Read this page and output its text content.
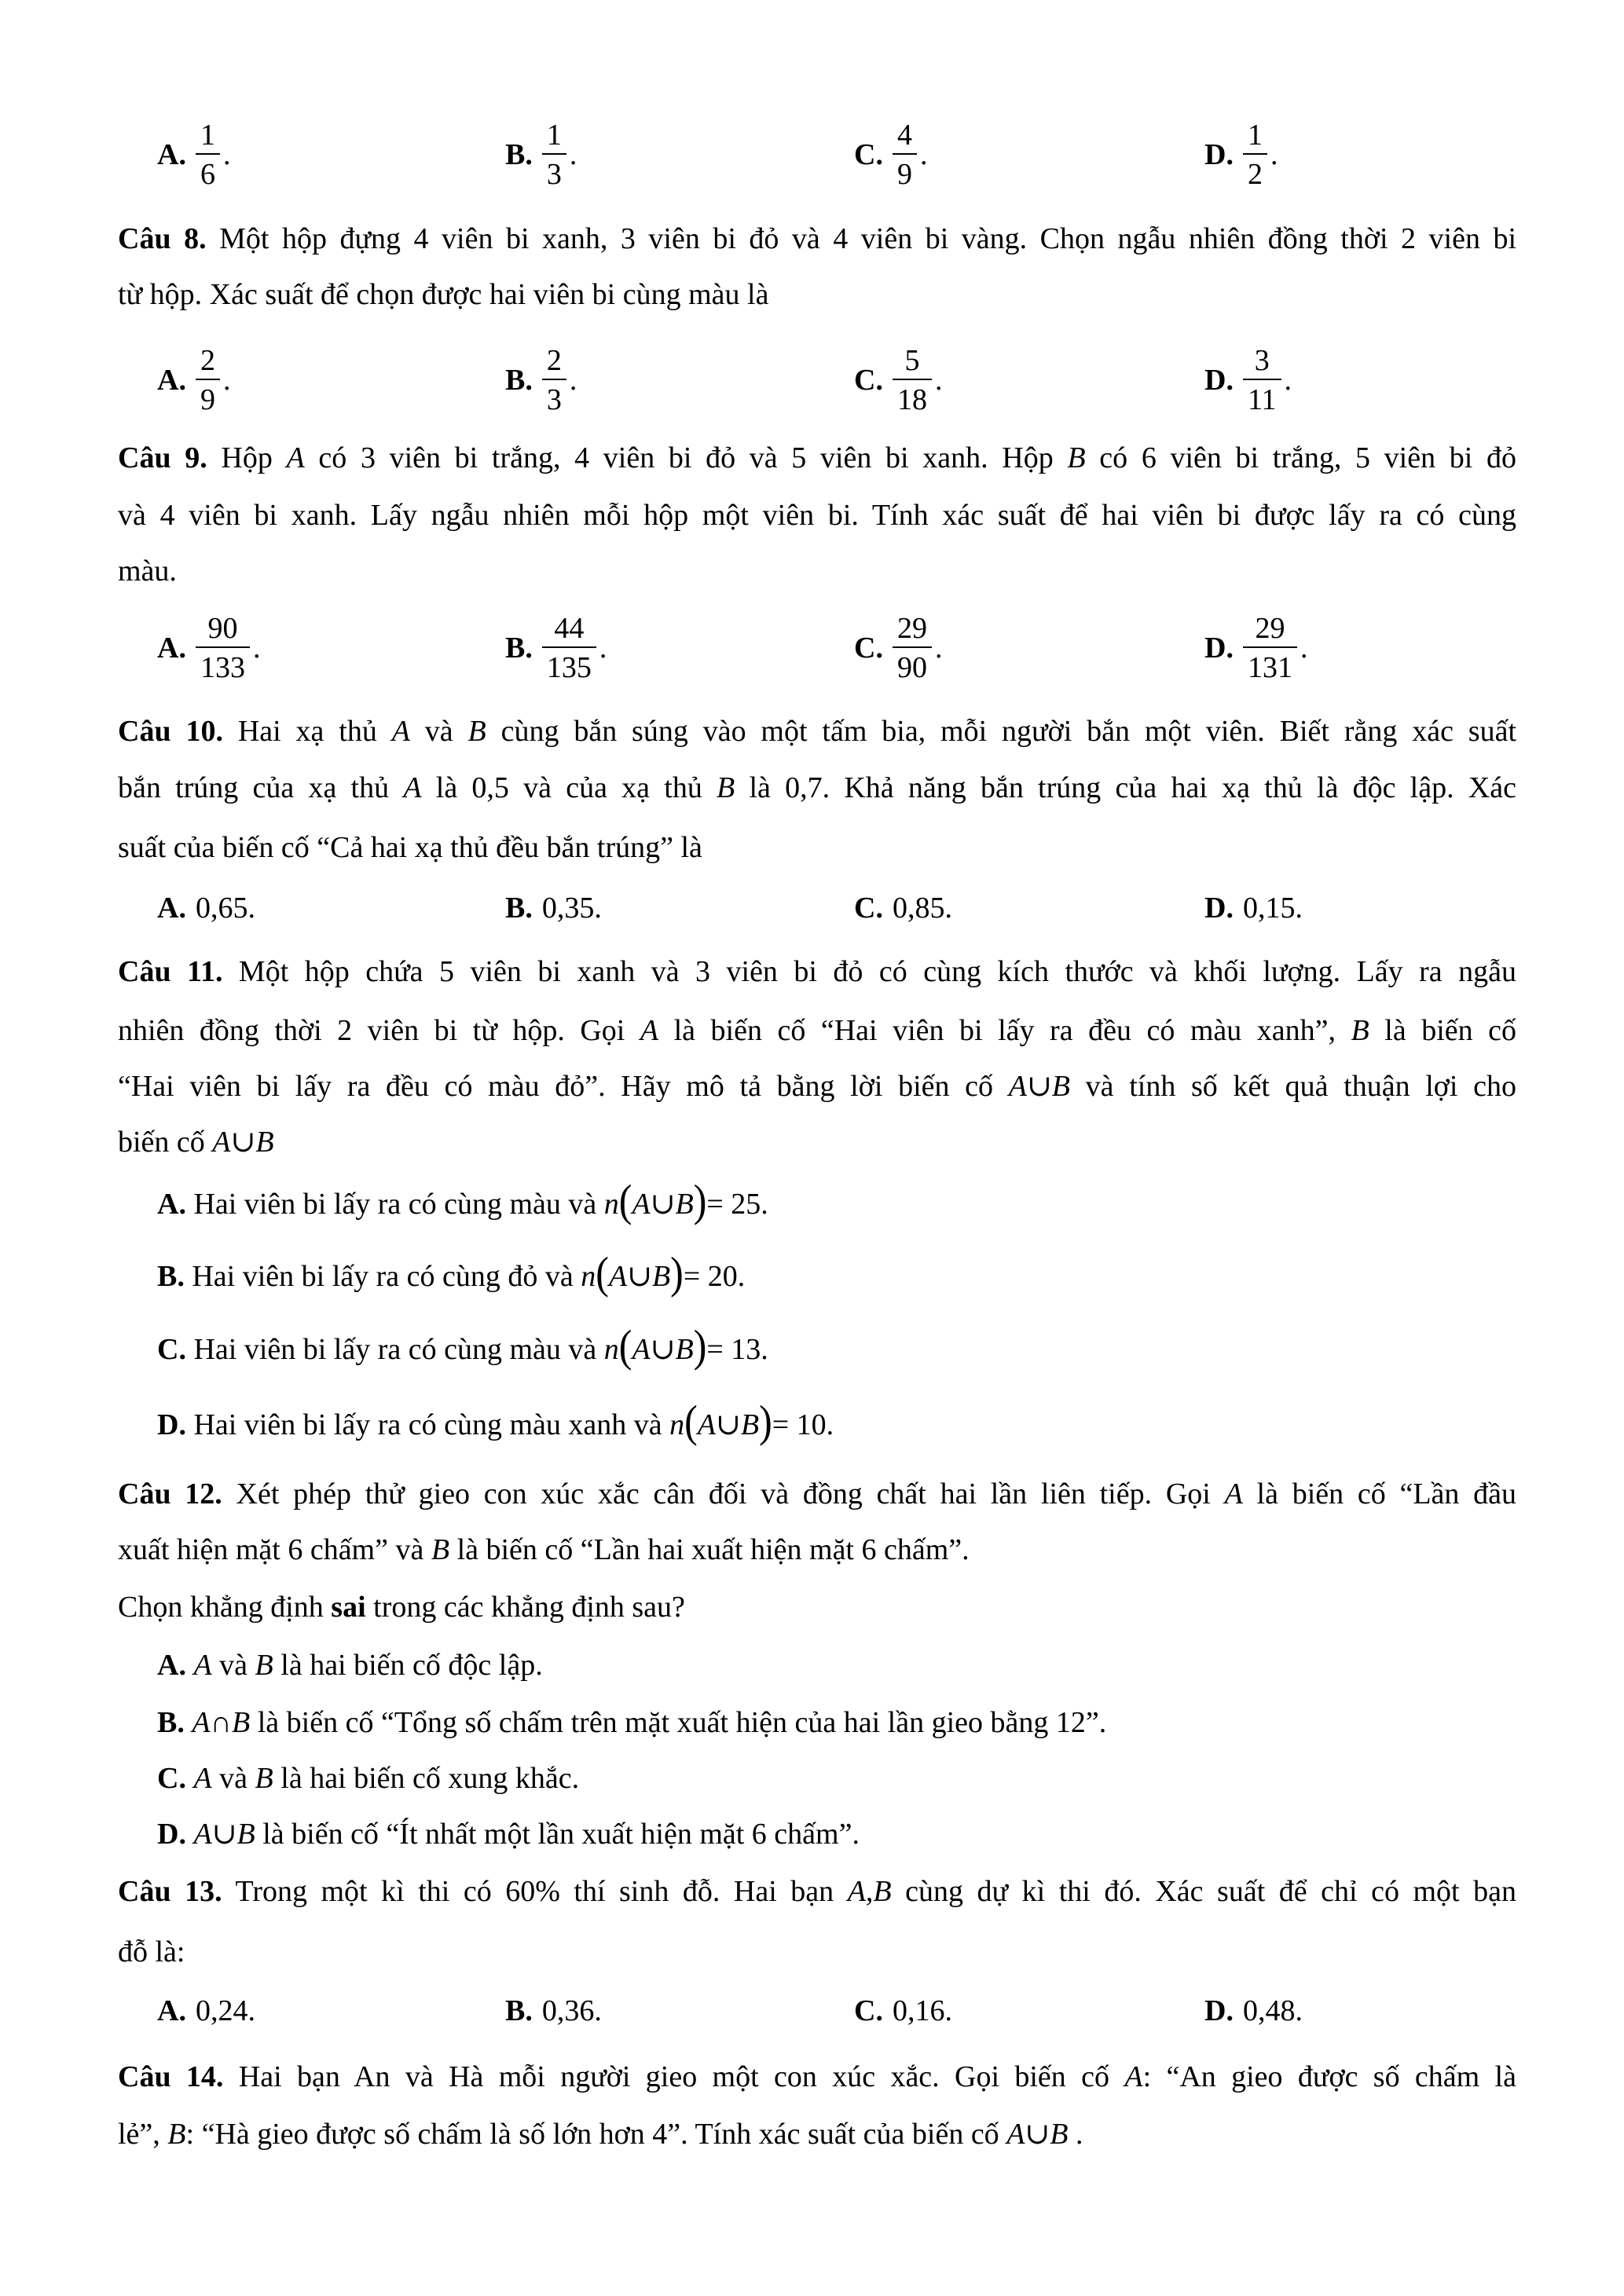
A. $\frac{1}{6}$ .	B. $\frac{1}{3}$ .	C. $\frac{4}{9}$ .	D. $\frac{1}{2}$ .
Câu 8. Một hộp đựng 4 viên bi xanh, 3 viên bi đỏ và 4 viên bi vàng. Chọn ngẫu nhiên đồng thời 2 viên bi
từ hộp. Xác suất để chọn được hai viên bi cùng màu là
A. $\frac{2}{9}$ .	B. $\frac{2}{3}$ .	C. $\frac{5}{18}$ .	D. $\frac{3}{11}$ .
Câu 9. Hộp A có 3 viên bi trắng, 4 viên bi đỏ và 5 viên bi xanh. Hộp B có 6 viên bi trắng, 5 viên bi đỏ
và 4 viên bi xanh. Lấy ngẫu nhiên mỗi hộp một viên bi. Tính xác suất để hai viên bi được lấy ra có cùng
màu.
A. $\frac{90}{133}$ .	B. $\frac{44}{135}$ .	C. $\frac{29}{90}$ .	D. $\frac{29}{131}$ .
Câu 10. Hai xạ thủ A và B cùng bắn súng vào một tấm bia, mỗi người bắn một viên. Biết rằng xác suất
bắn trúng của xạ thủ A là 0,5 và của xạ thủ B là 0,7. Khả năng bắn trúng của hai xạ thủ là độc lập. Xác
suất của biến cố “Cả hai xạ thủ đều bắn trúng” là
A. 0,65.	B. 0,35.	C. 0,85.	D. 0,15.
Câu 11. Một hộp chứa 5 viên bi xanh và 3 viên bi đỏ có cùng kích thước và khối lượng. Lấy ra ngẫu
nhiên đồng thời 2 viên bi từ hộp. Gọi A là biến cố “Hai viên bi lấy ra đều có màu xanh”, B là biến cố
“Hai viên bi lấy ra đều có màu đỏ”. Hãy mô tả bằng lời biến cố A∪B và tính số kết quả thuận lợi cho
biến cố A∪B
A. Hai viên bi lấy ra có cùng màu và n(A∪B)= 25.
B. Hai viên bi lấy ra có cùng đỏ và n(A∪B)= 20.
C. Hai viên bi lấy ra có cùng màu và n(A∪B)= 13.
D. Hai viên bi lấy ra có cùng màu xanh và n(A∪B)= 10.
Câu 12. Xét phép thử gieo con xúc xắc cân đối và đồng chất hai lần liên tiếp. Gọi A là biến cố “Lần đầu
xuất hiện mặt 6 chấm” và B là biến cố “Lần hai xuất hiện mặt 6 chấm”.
Chọn khẳng định sai trong các khẳng định sau?
A. A và B là hai biến cố độc lập.
B. A∩B là biến cố “Tổng số chấm trên mặt xuất hiện của hai lần gieo bằng 12”.
C. A và B là hai biến cố xung khắc.
D. A∪B là biến cố “Ít nhất một lần xuất hiện mặt 6 chấm”.
Câu 13. Trong một kì thi có 60% thí sinh đỗ. Hai bạn A,B cùng dự kì thi đó. Xác suất để chỉ có một bạn
đỗ là:
A. 0,24.	B. 0,36.	C. 0,16.	D. 0,48.
Câu 14. Hai bạn An và Hà mỗi người gieo một con xúc xắc. Gọi biến cố A: “An gieo được số chấm là
lẻ”, B: “Hà gieo được số chấm là số lớn hơn 4”. Tính xác suất của biến cố A∪B .
